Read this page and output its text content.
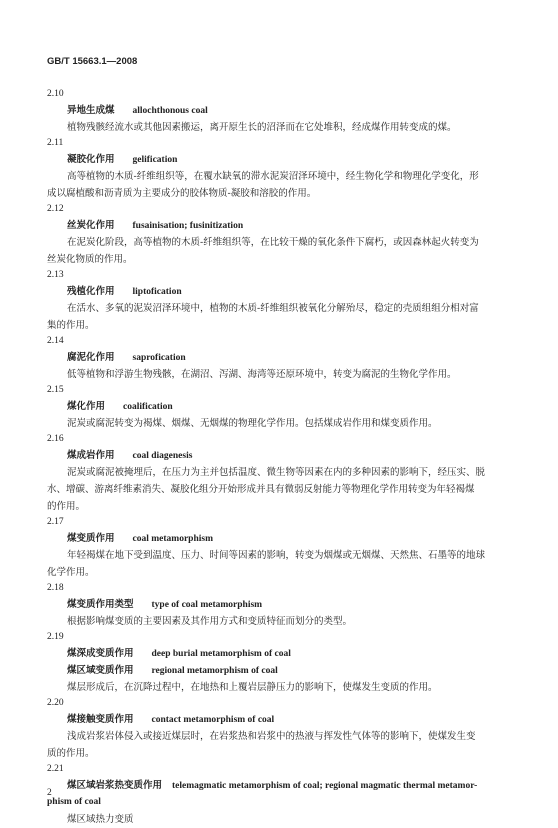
GB/T 15663.1—2008
2.10
异地生成煤 allochthonous coal
植物残骸经流水或其他因素搬运，离开原生长的沼泽而在它处堆积，经成煤作用转变成的煤。
2.11
凝胶化作用 gelification
高等植物的木质-纤维组织等，在覆水缺氧的滞水泥炭沼泽环境中，经生物化学和物理化学变化，形
成以腐植酸和沥青质为主要成分的胶体物质-凝胶和溶胶的作用。
2.12
丝炭化作用 fusainisation; fusinitization
在泥炭化阶段，高等植物的木质-纤维组织等，在比较干燥的氧化条件下腐朽，或因森林起火转变为
丝炭化物质的作用。
2.13
残植化作用 liptofication
在活水、多氧的泥炭沼泽环境中，植物的木质-纤维组织被氧化分解殆尽，稳定的壳质组组分相对富
集的作用。
2.14
腐泥化作用 saprofication
低等植物和浮游生物残骸，在湖沼、泻湖、海湾等还原环境中，转变为腐泥的生物化学作用。
2.15
煤化作用 coalification
泥炭或腐泥转变为褐煤、烟煤、无烟煤的物理化学作用。包括煤成岩作用和煤变质作用。
2.16
煤成岩作用 coal diagenesis
泥炭或腐泥被掩埋后，在压力为主并包括温度、微生物等因素在内的多种因素的影响下，经压实、脱
水、增碳、游离纤维素消失、凝胶化组分开始形成并具有微弱反射能力等物理化学作用转变为年轻褐煤
的作用。
2.17
煤变质作用 coal metamorphism
年轻褐煤在地下受到温度、压力、时间等因素的影响，转变为烟煤或无烟煤、天然焦、石墨等的地球
化学作用。
2.18
煤变质作用类型 type of coal metamorphism
根据影响煤变质的主要因素及其作用方式和变质特征而划分的类型。
2.19
煤深成变质作用 deep burial metamorphism of coal
煤区域变质作用 regional metamorphism of coal
煤层形成后，在沉降过程中，在地热和上覆岩层静压力的影响下，使煤发生变质的作用。
2.20
煤接触变质作用 contact metamorphism of coal
浅成岩浆岩体侵入或接近煤层时，在岩浆热和岩浆中的热液与挥发性气体等的影响下，使煤发生变
质的作用。
2.21
煤区域岩浆热变质作用 telemagmatic metamorphism of coal; regional magmatic thermal metamor-
phism of coal
煤区域热力变质
2
